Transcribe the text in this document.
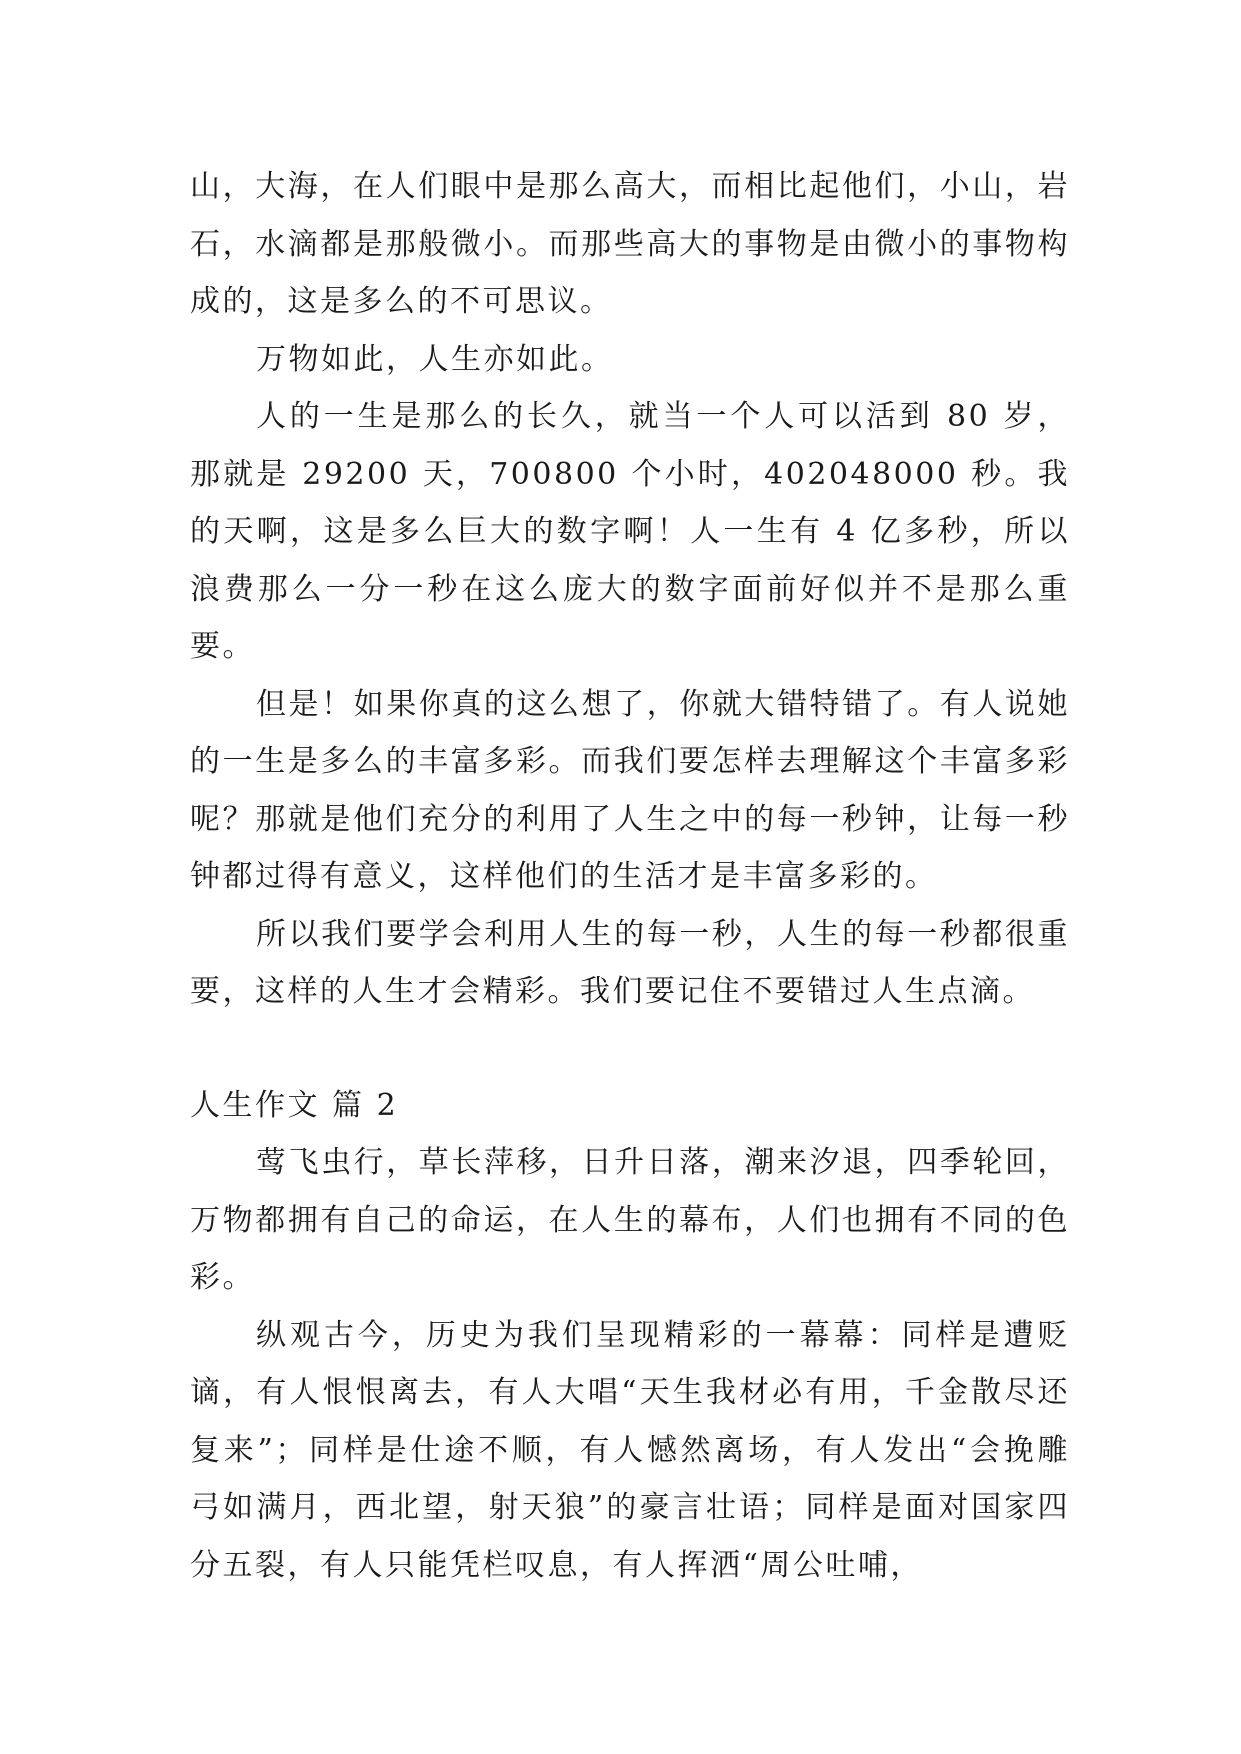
山，大海，在人们眼中是那么高大，而相比起他们，小山，岩石，水滴都是那般微小。而那些高大的事物是由微小的事物构成的，这是多么的不可思议。

万物如此，人生亦如此。

人的一生是那么的长久，就当一个人可以活到 80 岁，那就是 29200 天，700800 个小时，402048000 秒。我的天啊，这是多么巨大的数字啊！人一生有 4 亿多秒，所以浪费那么一分一秒在这么庞大的数字面前好似并不是那么重要。

但是！如果你真的这么想了，你就大错特错了。有人说她的一生是多么的丰富多彩。而我们要怎样去理解这个丰富多彩呢？那就是他们充分的利用了人生之中的每一秒钟，让每一秒钟都过得有意义，这样他们的生活才是丰富多彩的。

所以我们要学会利用人生的每一秒，人生的每一秒都很重要，这样的人生才会精彩。我们要记住不要错过人生点滴。

人生作文 篇 2

莺飞虫行，草长萍移，日升日落，潮来汐退，四季轮回，万物都拥有自己的命运，在人生的幕布，人们也拥有不同的色彩。

纵观古今，历史为我们呈现精彩的一幕幕：同样是遭贬谪，有人恨恨离去，有人大唱“天生我材必有用，千金散尽还复来”；同样是仕途不顺，有人憾然离场，有人发出“会挽雕弓如满月，西北望，射天狼”的豪言壮语；同样是面对国家四分五裂，有人只能凭栏叹息，有人挥洒“周公吐哺，
